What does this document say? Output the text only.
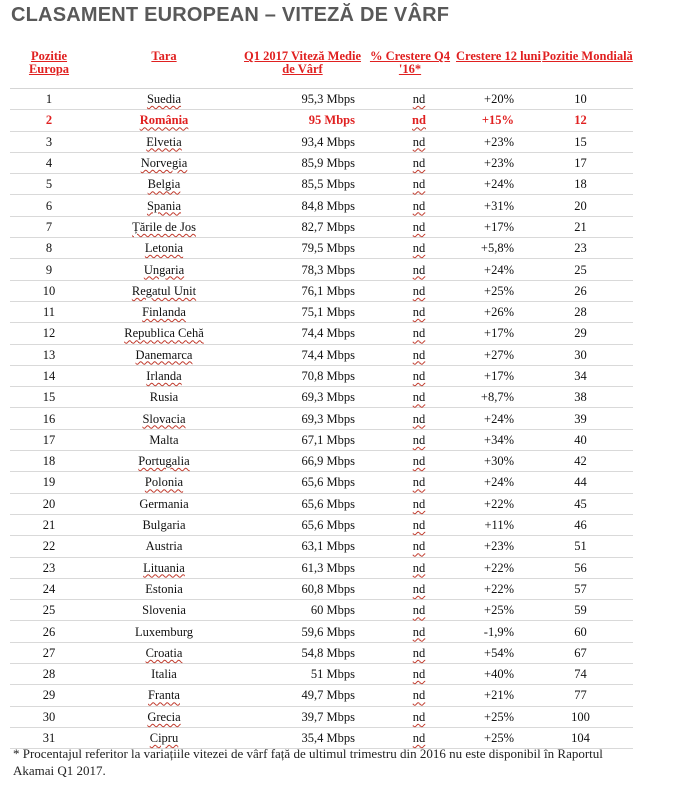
CLASAMENT EUROPEAN – VITEZĂ DE VÂRF
Pozitie Europa	Tara	Q1 2017 Viteză Medie de Vârf	% Crestere Q4 '16*	Crestere 12 luni	Pozitie Mondială
1	Suedia	95,3 Mbps	nd	+20%	10
2	România	95 Mbps	nd	+15%	12
3	Elvetia	93,4 Mbps	nd	+23%	15
4	Norvegia	85,9 Mbps	nd	+23%	17
5	Belgia	85,5 Mbps	nd	+24%	18
6	Spania	84,8 Mbps	nd	+31%	20
7	Țările de Jos	82,7 Mbps	nd	+17%	21
8	Letonia	79,5 Mbps	nd	+5,8%	23
9	Ungaria	78,3 Mbps	nd	+24%	25
10	Regatul Unit	76,1 Mbps	nd	+25%	26
11	Finlanda	75,1 Mbps	nd	+26%	28
12	Republica Cehă	74,4 Mbps	nd	+17%	29
13	Danemarca	74,4 Mbps	nd	+27%	30
14	Irlanda	70,8 Mbps	nd	+17%	34
15	Rusia	69,3 Mbps	nd	+8,7%	38
16	Slovacia	69,3 Mbps	nd	+24%	39
17	Malta	67,1 Mbps	nd	+34%	40
18	Portugalia	66,9 Mbps	nd	+30%	42
19	Polonia	65,6 Mbps	nd	+24%	44
20	Germania	65,6 Mbps	nd	+22%	45
21	Bulgaria	65,6 Mbps	nd	+11%	46
22	Austria	63,1 Mbps	nd	+23%	51
23	Lituania	61,3 Mbps	nd	+22%	56
24	Estonia	60,8 Mbps	nd	+22%	57
25	Slovenia	60 Mbps	nd	+25%	59
26	Luxemburg	59,6 Mbps	nd	-1,9%	60
27	Croatia	54,8 Mbps	nd	+54%	67
28	Italia	51 Mbps	nd	+40%	74
29	Franta	49,7 Mbps	nd	+21%	77
30	Grecia	39,7 Mbps	nd	+25%	100
31	Cipru	35,4 Mbps	nd	+25%	104
* Procentajul referitor la variațiile vitezei de vârf față de ultimul trimestru din 2016 nu este disponibil în Raportul Akamai Q1 2017.
